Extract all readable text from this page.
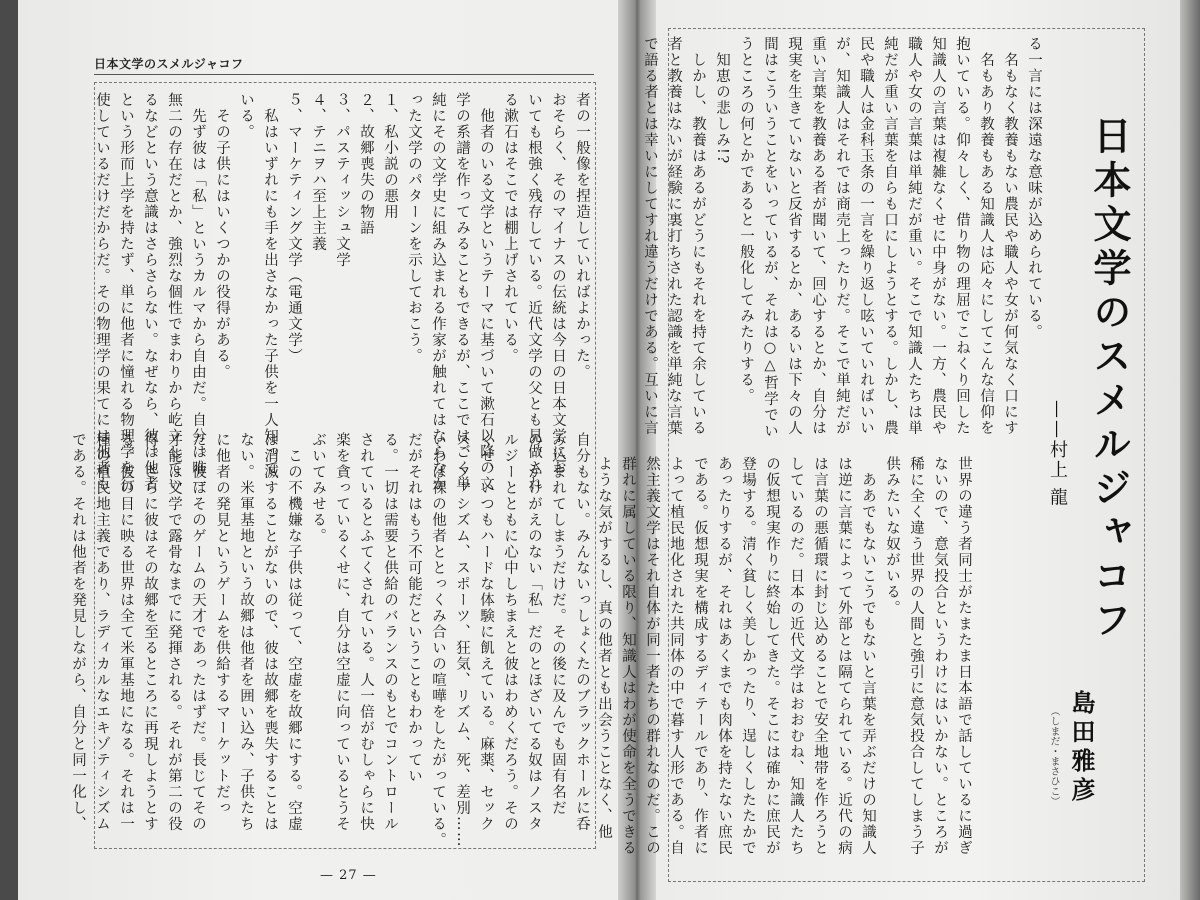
日本文学のスメルジャコフ
者の一般像を捏造していればよかった。
おそらく、そのマイナスの伝統は今日の日本文学にお
いても根強く残存している。近代文学の父とも見做され
る漱石はそこでは棚上げされている。
　他者のいる文学というテーマに基づいて漱石以降の文
学の系譜を作ってみることもできるが、ここではごく単
純にその文学史に組み込まれる作家が触れてはならなか
った文学のパターンを示しておこう。
１、私小説の悪用
２、故郷喪失の物語
３、パスティッシュ文学
４、テニヲハ至上主義
５、マーケティング文学（電通文学）
　私はいずれにも手を出さなかった子供を一人知って
いる。
　その子供にはいくつかの役得がある。
　先ず彼は「私」というカルマから自由だ。自分は唯一
無二の存在だとか、強烈な個性でまわりから屹立してい
るなどという意識はさらさらない。なぜなら、彼は他者
という形而上学を持たず、単に他者に憧れる物理学を行
使しているだけだからだ。その物理学の果てには他者も
自分もない。みんないっしょくたのブラックホールに呑
み込まれてしまうだけだ。その後に及んでも固有名だ
の、かけがえのない「私」だのとほざいてる奴はノスタ
ルジーとともに心中しちまえと彼はわめくだろう。その
くせ、いつもハードな体験に飢えている。麻薬、セック
ス、ファシズム、スポーツ、狂気、リズム、死、差別……
いわば裸の他者ととっくみ合いの喧嘩をしたがっている。
だがそれはもう不可能だということもわかってい
る。一切は需要と供給のバランスのもとでコントロール
されているとふてくされている。人一倍がむしゃらに快
楽を貪っているくせに、自分は空虚に向っているとうそ
ぶいてみせる。
　この不機嫌な子供は従って、空虚を故郷にする。空虚
は消滅することがないので、彼は故郷を喪失することは
ない。米軍基地という故郷は他者を囲い込み、子供たち
に他者の発見というゲームを供給するマーケットだっ
た。彼はそのゲームの天才であったはずだ。長じてその
才能は文学で露骨なまでに発揮される。それが第二の役
得。さらに彼はその故郷を至るところに再現しようとす
る。彼の目に映る世界は全て米軍基地になる。それは一
種の植民地主義であり、ラディカルなエキゾティシズム
である。それは他者を発見しながら、自分と同一化し、
る一言には深遠な意味が込められている。
　名もなく教養もない農民や職人や女が何気なく口にす
　名もあり教養もある知識人は応々にしてこんな信仰を
抱いている。仰々しく、借り物の理屈でこねくり回した
知識人の言葉は複雑なくせに中身がない。一方、農民や
職人や女の言葉は単純だが重い。そこで知識人たちは単
純だが重い言葉を自らも口にしようとする。しかし、農
民や職人は金科玉条の一言を繰り返し呟いていればいい
が、知識人はそれでは商売上ったりだ。そこで単純だが
重い言葉を教養ある者が聞いて、回心するとか、自分は
現実を生きていないと反省するとか、あるいは下々の人
間はこういうことをいっているが、それは○△哲学でい
うところの何とかであると一般化してみたりする。
　知恵の悲しみ!?
　しかし、教養はあるがどうにもそれを持て余している
者と教養はないが経験に裏打ちされた認識を単純な言葉
で語る者とは幸いにしてすれ違うだけである。互いに言
世界の違う者同士がたまたま日本語で話しているに過ぎ
ないので、意気投合というわけにはいかない。ところが
稀に全く違う世界の人間と強引に意気投合してしまう子
供みたいな奴がいる。
　ああでもないこうでもないと言葉を弄ぶだけの知識人
は逆に言葉によって外部とは隔てられている。近代の病
は言葉の悪循環に封じ込めることで安全地帯を作ろうと
しているのだ。日本の近代文学はおおむね、知識人たち
の仮想現実作りに終始してきた。そこには確かに庶民が
登場する。清く貧しく美しかったり、逞しくしたたかで
あったりするが、それはあくまでも肉体を持たない庶民
である。仮想現実を構成するディテールであり、作者に
よって植民地化された共同体の中で暮す人形である。自
然主義文学はそれ自体が同一者たちの群れなのだ。この
群れに属している限り、知識人はわが使命を全うできる
ような気がするし、真の他者とも出会うことなく、他
日本文学のスメルジャコフ
——村上 龍
島田雅彦
（しまだ・まさひこ）
— 27 —
